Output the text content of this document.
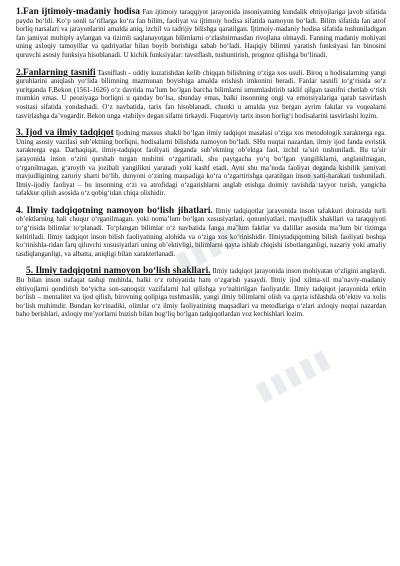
1.Fan ijtimoiy-madaniy hodisa Fan ijtimoiy taraqqiyot jarayonida insoniyatning kundalik ehtiyojlariga javob sifatida paydo bo‘ldi. Ko‘p sonli ta’riflarga ko‘ra fan bilim, faoliyat va ijtimoiy hodisa sifatida namoyon bo‘ladi. Bilim sifatida fan atrof borliq narsalari va jarayonlarini amalda aniq, izchil va tadrijiy bilishga qaratilgan. Ijtimoiy-madaniy hodisa sifatida tushuniladigan fan jamiyat multiply aylangan va tizimli saqlanayotgan bilimlarni o‘zlashtirmasdan rivojlana olmaydi. Fanning madaniy mohiyati uning axloqiy tamoyillar va qadriyatlar bilan boyib borishiga sabab bo‘ladi. Haqiqiy bilimni yaratish funksiyasi fan binosini quruvchi asosiy funksiya hisoblanadi. U kichik funksiyalar: tavsiflash, tushuntirish, prognoz qilishga bo‘linadi.

2.Fanlarning tasnifi Tasniflash - oddiy kuzatishdan kelib chiqqan bilishning o‘ziga xos usuli. Biroq u hodisalarning yangi guruhlarini aniqlash yo‘lida bilimning mazmunan boyishiga amalda erishish imkonini beradi. Fanlar tasnifi to‘g‘risida so‘z yuritganda F.Bekon (1561-1626) o‘z davrida ma’lum bo‘lgan barcha bilimlarni umumlashtirib taklif qilgan tasnifni chetlab o‘tish mumkin emas. U peoziyaga borliqni u qanday bo‘lsa, shunday emas, balki insonning ongi va emotsiyalariga qarab tasvirlash vositasi sifatida yondashadi. O‘z navbatida, tarix fan hisoblanadi, chunki u amalda yuz bergan ayrim faktlar va voqealarni tasvirlashga da’vogardir. Bekon unga «tabiiy» degan sifatni tirkaydi. Fuqaroviy tarix inson borlig‘i hodisalarini tasvirlashi lozim.

3. Ijod va ilmiy tadqiqot Ijodning maxsus shakli bo‘lgan ilmiy tadqiqot masalasi o‘ziga xos metodologik xarakterga ega. Uning asosiy vazifasi sub’ektning borliqni, hodisalarni bilishida namoyon bo‘ladi. SHu nuqtai nazardan, ilmiy ijod fanda evristik xarakterga ega. Darhaqiqat, ilmiy-tadqiqot faoliyati deganda sub’ektning ob’ektga faol, izchil ta’siri tushuniladi. Bu ta’sir jarayonida inson o‘zini qurshab turgan muhitni o‘zgartiradi, shu paytgacha yo‘q bo‘lgan yangiliklarni, anglanilmagan, o‘rganilmagan, g‘aroyib va jozibali yangilikni yaratadi yoki kashf etadi. Ayni shu ma’noda faoliyat deganda kishilik jamiyati mavjudligining zaruriy sharti bo‘lib, dunyoni o‘zining maqsadiga ko‘ra o‘zgartirishga qaratilgan inson xatti-harakati tushuniladi. Ilmiy-ijodiy faoliyat – bu insonning o‘zi va atrofidagi o‘zgarishlarni anglab etishga doimiy ravishda tayyor turish, yangicha tafakkur qilish asosida o‘z qobig‘idan chiqa olishidir.

4. Ilmiy tadqiqotning namoyon bo‘lish jihatlari. Ilmiy tadqiqotlar jarayonida inson tafakkuri doirasida turli ob’ektlarning hali chuqur o‘rganilmagan, yoki noma’lum bo‘lgan xususiyatlari, qonuniyatlari, mavjudlik shakllari va taraqqiyoti to‘g‘risida bilimlar to‘planadi. To‘plangan bilimlar o‘z navbatida fanga ma’lum faktlar va dalillar asosida ma’lum bir tizimga keltiriladi. Ilmiy tadqiqot inson bilish faoliyatining alohida va o‘ziga xos ko‘rinishidir. Ilmiytadqiqotning bilish faoliyati boshqa ko‘rinishla-ridan farq qiluvchi xususiyatlari uning ob’ektivligi, bilimlarni qayta ishlab chiqishi isbotlanganligi, nazariy yoki amaliy tasdiqlanganligi, va albatta, aniqligi bilan xarakterlanadi.

5. Ilmiy tadqiqotni namoyon bo‘lish shakllari. Ilmiy tadqiqot jarayonida inson mohiyatan o‘zligini anglaydi. Bu bilan inson nafaqat tashqi muhitda, balki o‘z ruhiyatida ham o‘zgarish yasaydi. Ilmiy ijod xilma-xil ma’naviy-madaniy ehtiyojlarni qondirish bo‘yicha son-sanoqsiz vazifalarni hal qilishga yo‘naltirilgan faoliyatdir. Ilmiy tadqiqot jarayonida erkin bo‘lish – mentalitet va ijod qilish, birovning qolipiga tushmaslik, yangi ilmiy bilimlarni olish va qayta ishlashda ob’ektiv va xolis bo‘lish muhimdir. Bundan ko‘rinadiki, olimlar o‘z ilmiy faoliyatining maqsadlari va metodlariga o‘zlari axloqiy nuqtai nazardan baho berishlari, axloqiy me’yorlarni buzish bilan bog‘liq bo‘lgan tadqiqotlardan voz kechishlari lozim.

▮▮▮▮▮
▮▮▮▮▮
▮▮▮
